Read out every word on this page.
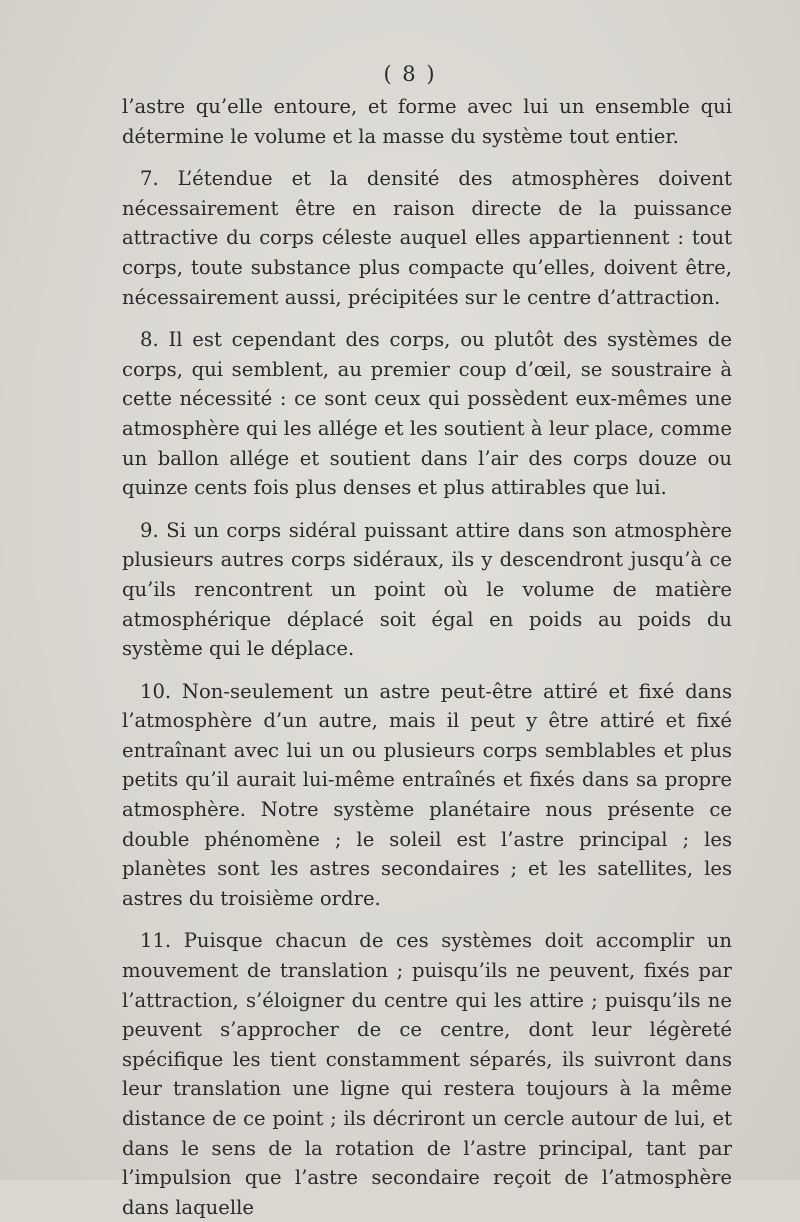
( 8 )

l’astre qu’elle entoure, et forme avec lui un ensemble qui détermine le volume et la masse du système tout entier.

7. L’étendue et la densité des atmosphères doivent nécessairement être en raison directe de la puissance attractive du corps céleste auquel elles appartiennent : tout corps, toute substance plus compacte qu’elles, doivent être, nécessairement aussi, précipitées sur le centre d’attraction.

8. Il est cependant des corps, ou plutôt des systèmes de corps, qui semblent, au premier coup d’œil, se soustraire à cette nécessité : ce sont ceux qui possèdent eux-mêmes une atmosphère qui les allége et les soutient à leur place, comme un ballon allége et soutient dans l’air des corps douze ou quinze cents fois plus denses et plus attirables que lui.

9. Si un corps sidéral puissant attire dans son atmosphère plusieurs autres corps sidéraux, ils y descendront jusqu’à ce qu’ils rencontrent un point où le volume de matière atmosphérique déplacé soit égal en poids au poids du système qui le déplace.

10. Non-seulement un astre peut-être attiré et fixé dans l’atmosphère d’un autre, mais il peut y être attiré et fixé entraînant avec lui un ou plusieurs corps semblables et plus petits qu’il aurait lui-même entraînés et fixés dans sa propre atmosphère. Notre système planétaire nous présente ce double phénomène ; le soleil est l’astre principal ; les planètes sont les astres secondaires ; et les satellites, les astres du troisième ordre.

11. Puisque chacun de ces systèmes doit accomplir un mouvement de translation ; puisqu’ils ne peuvent, fixés par l’attraction, s’éloigner du centre qui les attire ; puisqu’ils ne peuvent s’approcher de ce centre, dont leur légèreté spécifique les tient constamment séparés, ils suivront dans leur translation une ligne qui restera toujours à la même distance de ce point ; ils décriront un cercle autour de lui, et dans le sens de la rotation de l’astre principal, tant par l’impulsion que l’astre secondaire reçoit de l’atmosphère dans laquelle
